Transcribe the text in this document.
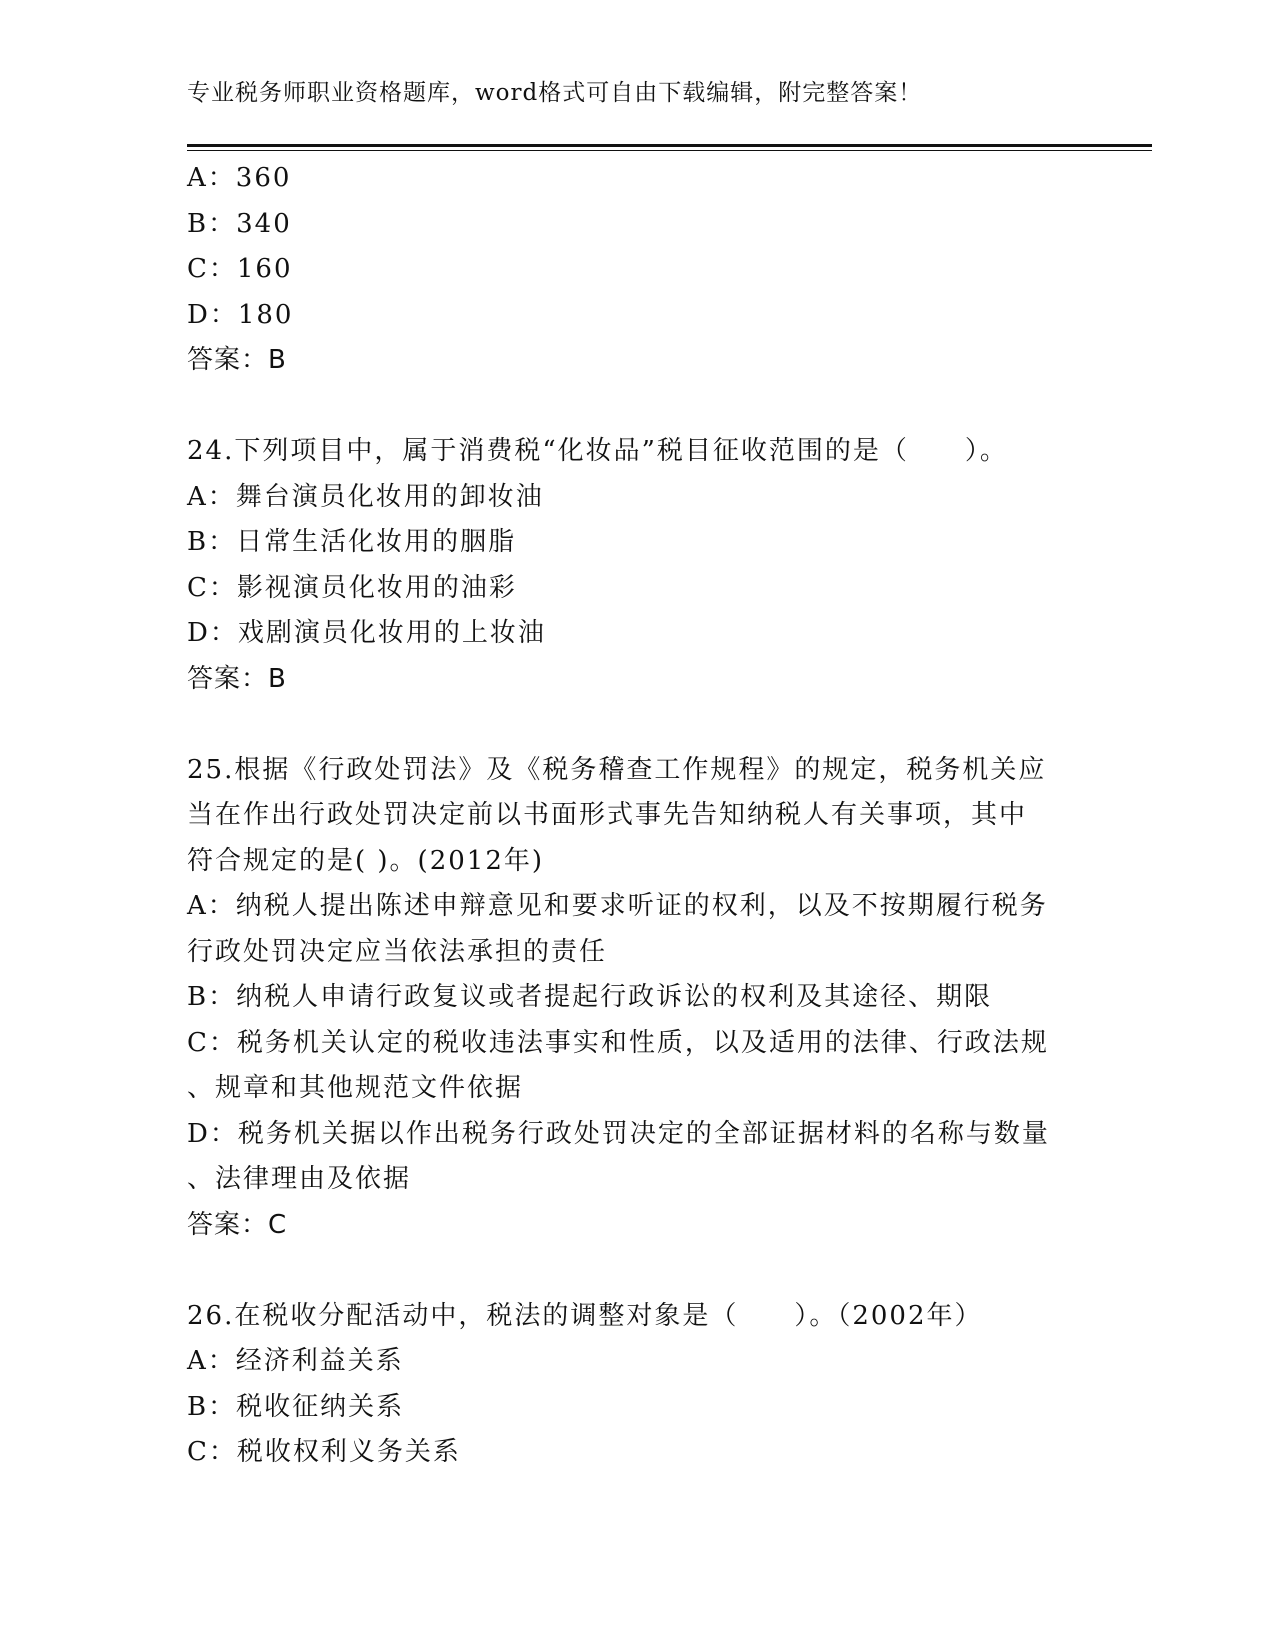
专业税务师职业资格题库，word格式可自由下载编辑，附完整答案！
A：360
B：340
C：160
D：180
答案：B
24.下列项目中，属于消费税“化妆品”税目征收范围的是（　　）。
A：舞台演员化妆用的卸妆油
B：日常生活化妆用的胭脂
C：影视演员化妆用的油彩
D：戏剧演员化妆用的上妆油
答案：B
25.根据《行政处罚法》及《税务稽查工作规程》的规定，税务机关应
当在作出行政处罚决定前以书面形式事先告知纳税人有关事项，其中
符合规定的是( )。(2012年)
A：纳税人提出陈述申辩意见和要求听证的权利，以及不按期履行税务
行政处罚决定应当依法承担的责任
B：纳税人申请行政复议或者提起行政诉讼的权利及其途径、期限
C：税务机关认定的税收违法事实和性质，以及适用的法律、行政法规
、规章和其他规范文件依据
D：税务机关据以作出税务行政处罚决定的全部证据材料的名称与数量
、法律理由及依据
答案：C
26.在税收分配活动中，税法的调整对象是（　　）。（2002年）
A：经济利益关系
B：税收征纳关系
C：税收权利义务关系
